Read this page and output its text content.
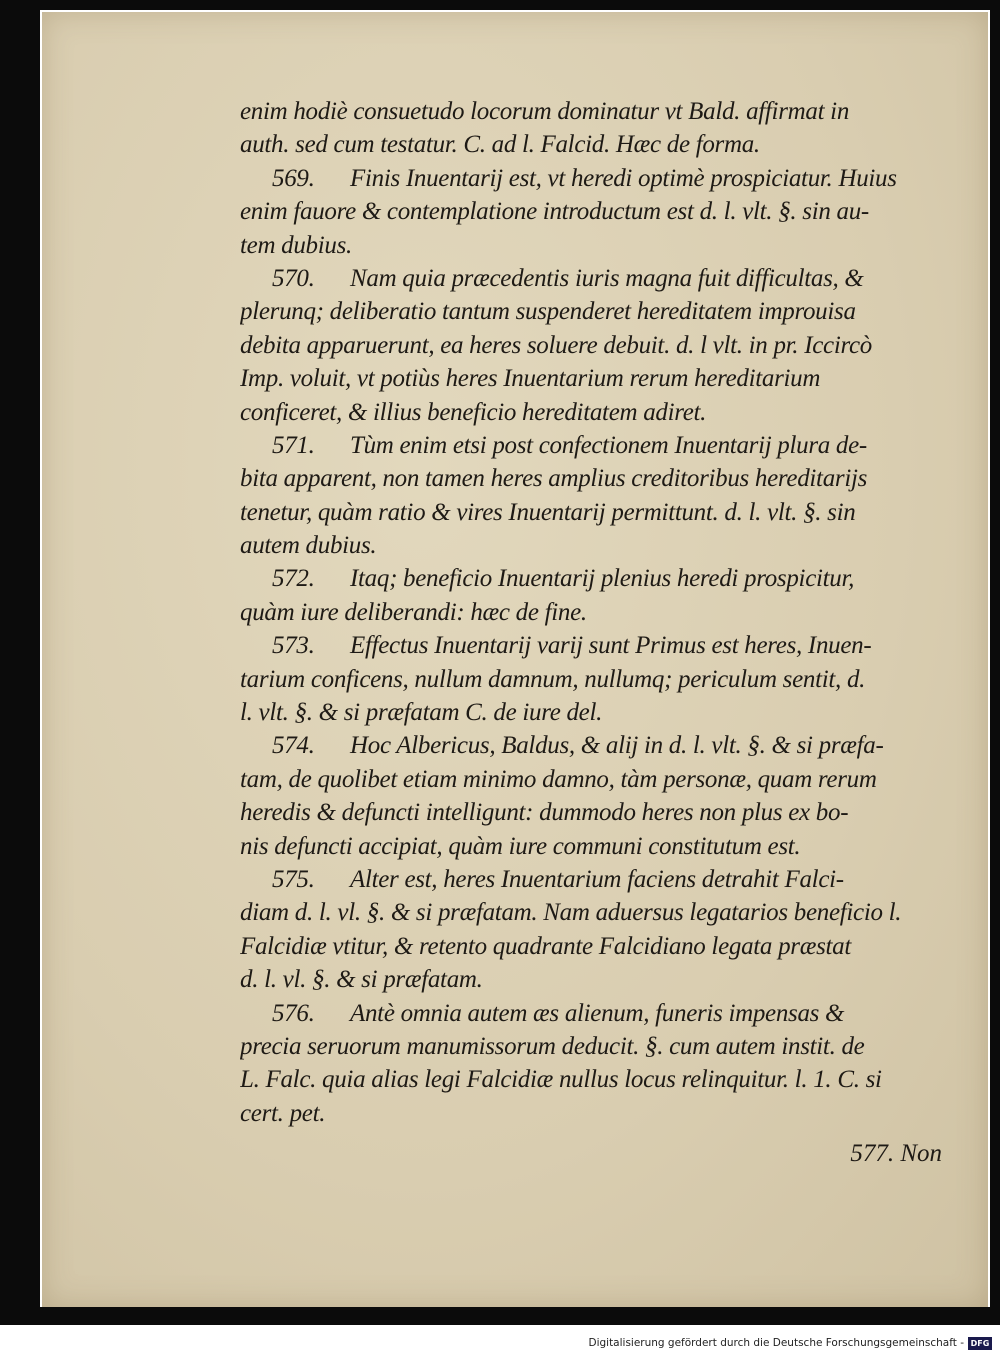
enim hodiè consuetudo locorum dominatur vt Bald. affirmat in
auth. sed cum testatur. C. ad l. Falcid. Hæc de forma.
569. Finis Inuentarij est, vt heredi optimè prospiciatur. Huius
enim fauore & contemplatione introductum est d. l. vlt. §. sin au-
tem dubius.
570. Nam quia præcedentis iuris magna fuit difficultas, &
plerunq; deliberatio tantum suspenderet hereditatem improuisa
debita apparuerunt, ea heres soluere debuit. d. l vlt. in pr. Iccircò
Imp. voluit, vt potiùs heres Inuentarium rerum hereditarium
conficeret, & illius beneficio hereditatem adiret.
571. Tùm enim etsi post confectionem Inuentarij plura de-
bita apparent, non tamen heres amplius creditoribus hereditarijs
tenetur, quàm ratio & vires Inuentarij permittunt. d. l. vlt. §. sin
autem dubius.
572. Itaq; beneficio Inuentarij plenius heredi prospicitur,
quàm iure deliberandi: hæc de fine.
573. Effectus Inuentarij varij sunt Primus est heres, Inuen-
tarium conficens, nullum damnum, nullumq; periculum sentit, d.
l. vlt. §. & si præfatam C. de iure del.
574. Hoc Albericus, Baldus, & alij in d. l. vlt. §. & si præfa-
tam, de quolibet etiam minimo damno, tàm personæ, quam rerum
heredis & defuncti intelligunt: dummodo heres non plus ex bo-
nis defuncti accipiat, quàm iure communi constitutum est.
575. Alter est, heres Inuentarium faciens detrahit Falci-
diam d. l. vl. §. & si præfatam. Nam aduersus legatarios beneficio l.
Falcidiæ vtitur, & retento quadrante Falcidiano legata præstat
d. l. vl. §. & si præfatam.
576. Antè omnia autem æs alienum, funeris impensas &
precia seruorum manumissorum deducit. §. cum autem instit. de
L. Falc. quia alias legi Falcidiæ nullus locus relinquitur. l. 1. C. si
cert. pet.
577. Non
Digitalisierung gefördert durch die Deutsche Forschungsgemeinschaft - DFG
